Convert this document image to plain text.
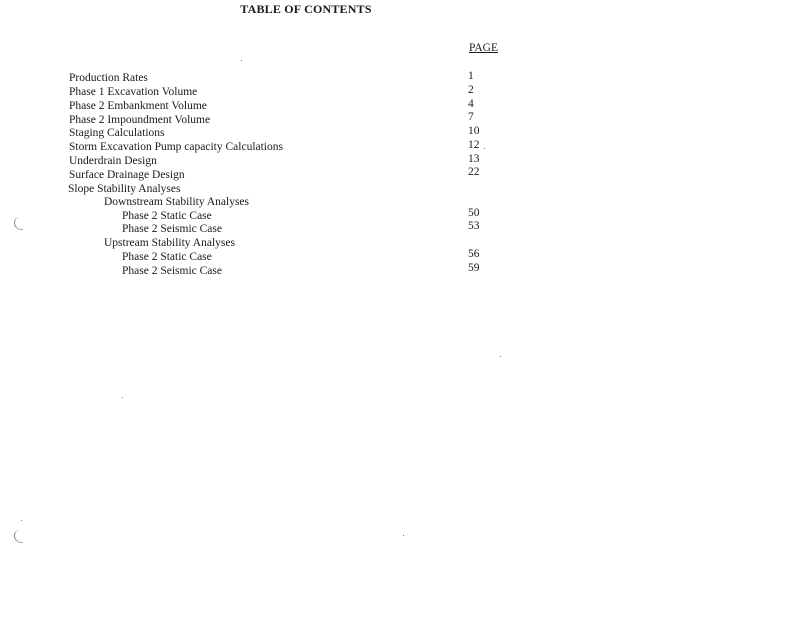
TABLE OF CONTENTS
PAGE
Production Rates	1
Phase 1 Excavation Volume	2
Phase 2 Embankment Volume	4
Phase 2 Impoundment Volume	7
Staging Calculations	10
Storm Excavation Pump capacity Calculations	12
Underdrain Design	13
Surface Drainage Design	22
Slope Stability Analyses
Downstream Stability Analyses
Phase 2 Static Case	50
Phase 2 Seismic Case	53
Upstream Stability Analyses
Phase 2 Static Case	56
Phase 2 Seismic Case	59
